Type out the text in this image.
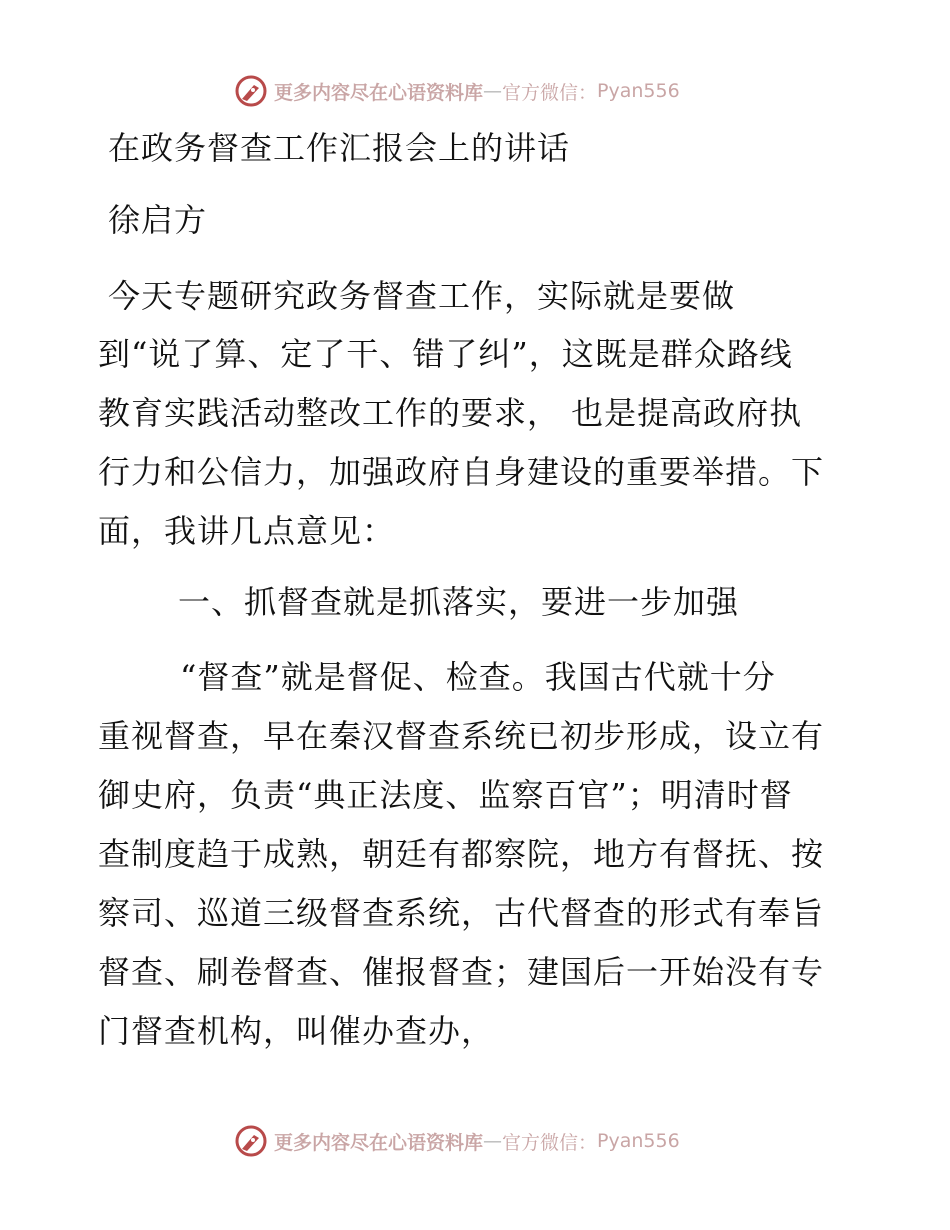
更多内容尽在心语资料库 — 官方微信： Pyan556
在政务督查工作汇报会上的讲话
徐启方
今天专题研究政务督查工作，实际就是要做
到“说了算、定了干、错了纠”，这既是群众路线
教育实践活动整改工作的要求， 也是提高政府执
行力和公信力，加强政府自身建设的重要举措。下
面，我讲几点意见：
一、抓督查就是抓落实，要进一步加强
“督查”就是督促、检查。我国古代就十分
重视督查，早在秦汉督查系统已初步形成，设立有
御史府，负责“典正法度、监察百官”；明清时督
查制度趋于成熟，朝廷有都察院，地方有督抚、按
察司、巡道三级督查系统，古代督查的形式有奉旨
督查、刷卷督查、催报督查；建国后一开始没有专
门督查机构，叫催办查办，
更多内容尽在心语资料库 — 官方微信： Pyan556
